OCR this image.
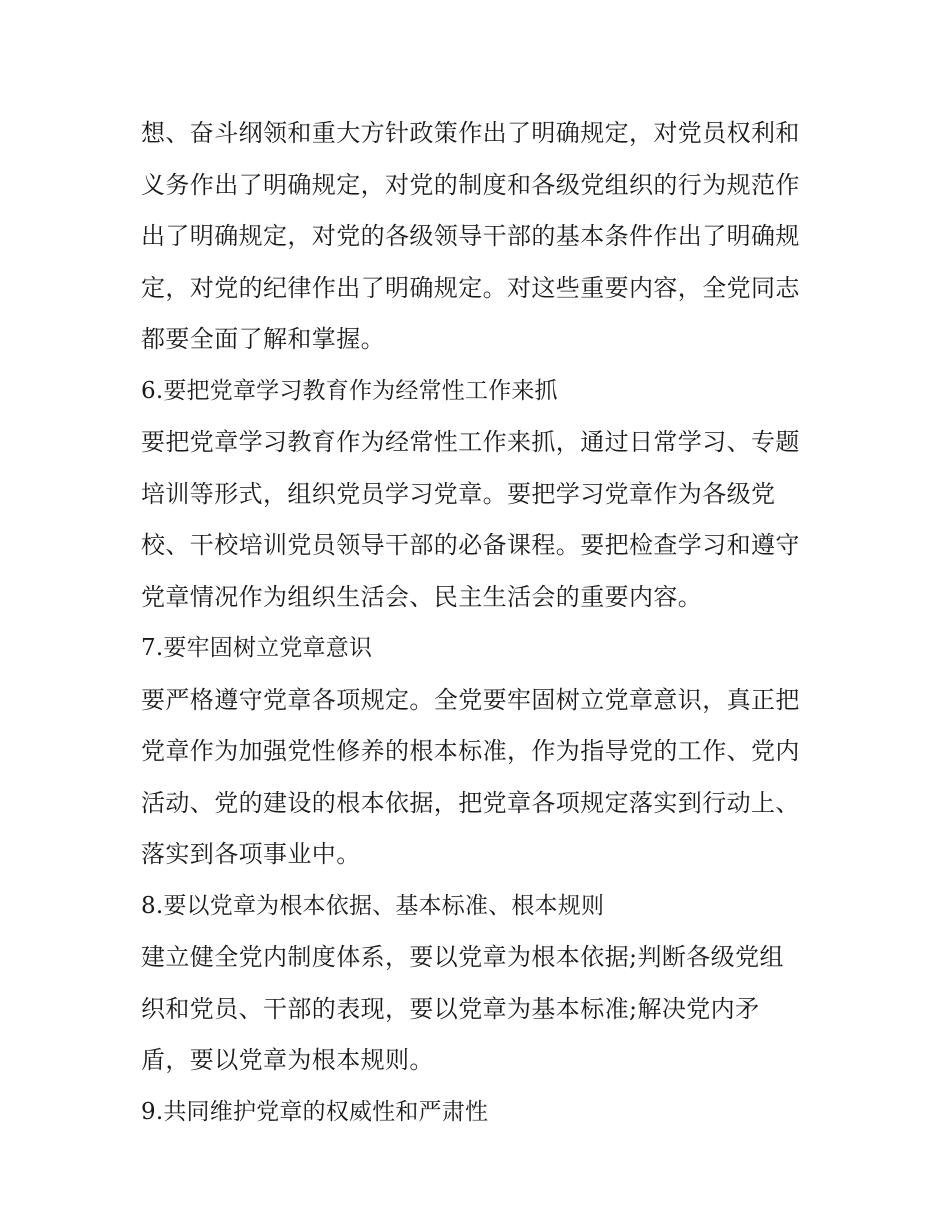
想、奋斗纲领和重大方针政策作出了明确规定，对党员权利和
义务作出了明确规定，对党的制度和各级党组织的行为规范作
出了明确规定，对党的各级领导干部的基本条件作出了明确规
定，对党的纪律作出了明确规定。对这些重要内容，全党同志
都要全面了解和掌握。
6.要把党章学习教育作为经常性工作来抓
要把党章学习教育作为经常性工作来抓，通过日常学习、专题
培训等形式，组织党员学习党章。要把学习党章作为各级党
校、干校培训党员领导干部的必备课程。要把检查学习和遵守
党章情况作为组织生活会、民主生活会的重要内容。
7.要牢固树立党章意识
要严格遵守党章各项规定。全党要牢固树立党章意识，真正把
党章作为加强党性修养的根本标准，作为指导党的工作、党内
活动、党的建设的根本依据，把党章各项规定落实到行动上、
落实到各项事业中。
8.要以党章为根本依据、基本标准、根本规则
建立健全党内制度体系，要以党章为根本依据;判断各级党组
织和党员、干部的表现，要以党章为基本标准;解决党内矛
盾，要以党章为根本规则。
9.共同维护党章的权威性和严肃性
